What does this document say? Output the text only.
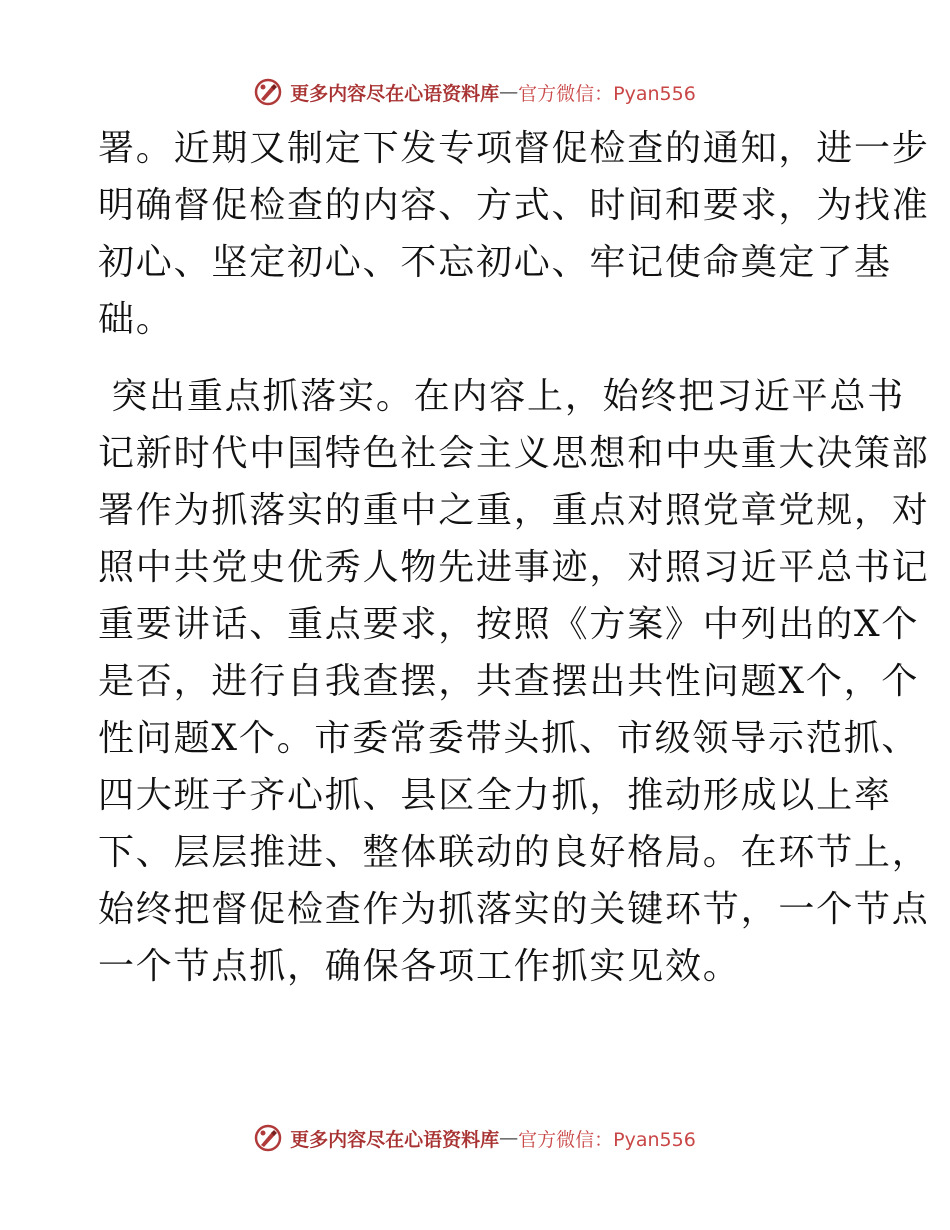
更多内容尽在心语资料库 — 官方微信：Pyan556
署。近期又制定下发专项督促检查的通知，进一步
明确督促检查的内容、方式、时间和要求，为找准
初心、坚定初心、不忘初心、牢记使命奠定了基
础。
突出重点抓落实。在内容上，始终把习近平总书
记新时代中国特色社会主义思想和中央重大决策部
署作为抓落实的重中之重，重点对照党章党规，对
照中共党史优秀人物先进事迹，对照习近平总书记
重要讲话、重点要求，按照《方案》中列出的X个
是否，进行自我查摆，共查摆出共性问题X个，个
性问题X个。市委常委带头抓、市级领导示范抓、
四大班子齐心抓、县区全力抓，推动形成以上率
下、层层推进、整体联动的良好格局。在环节上，
始终把督促检查作为抓落实的关键环节，一个节点
一个节点抓，确保各项工作抓实见效。
更多内容尽在心语资料库 — 官方微信：Pyan556
